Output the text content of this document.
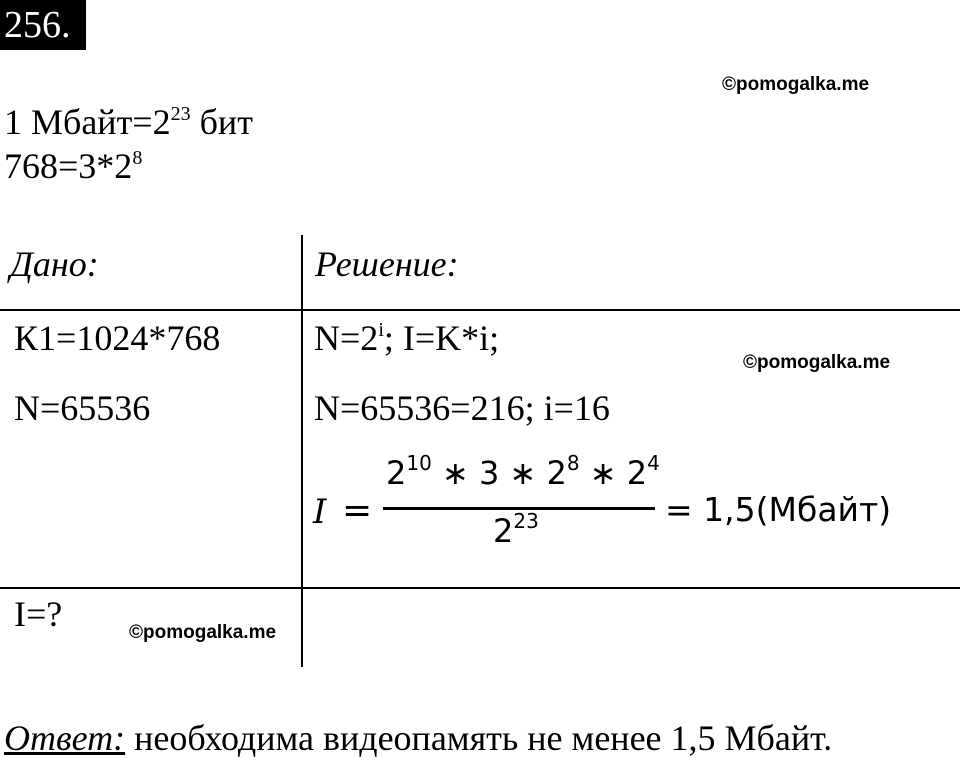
256.
©pomogalka.me
©pomogalka.me
©pomogalka.me
1 $Мбайт=2^{23}$ бит
$768=3*2^8$
Дано:	Решение:
К1=1024*768
N=65536
I=?
$N=2^i$; I=K*i;
N=65536=216; i=16
I =
$2^{10}$ ∗ 3 ∗ $2^8$ ∗ $2^4$
$2^{23}$	= 1,5(Мбайт)
Ответ: необходима видеопамять не менее 1,5 Мбайт.
